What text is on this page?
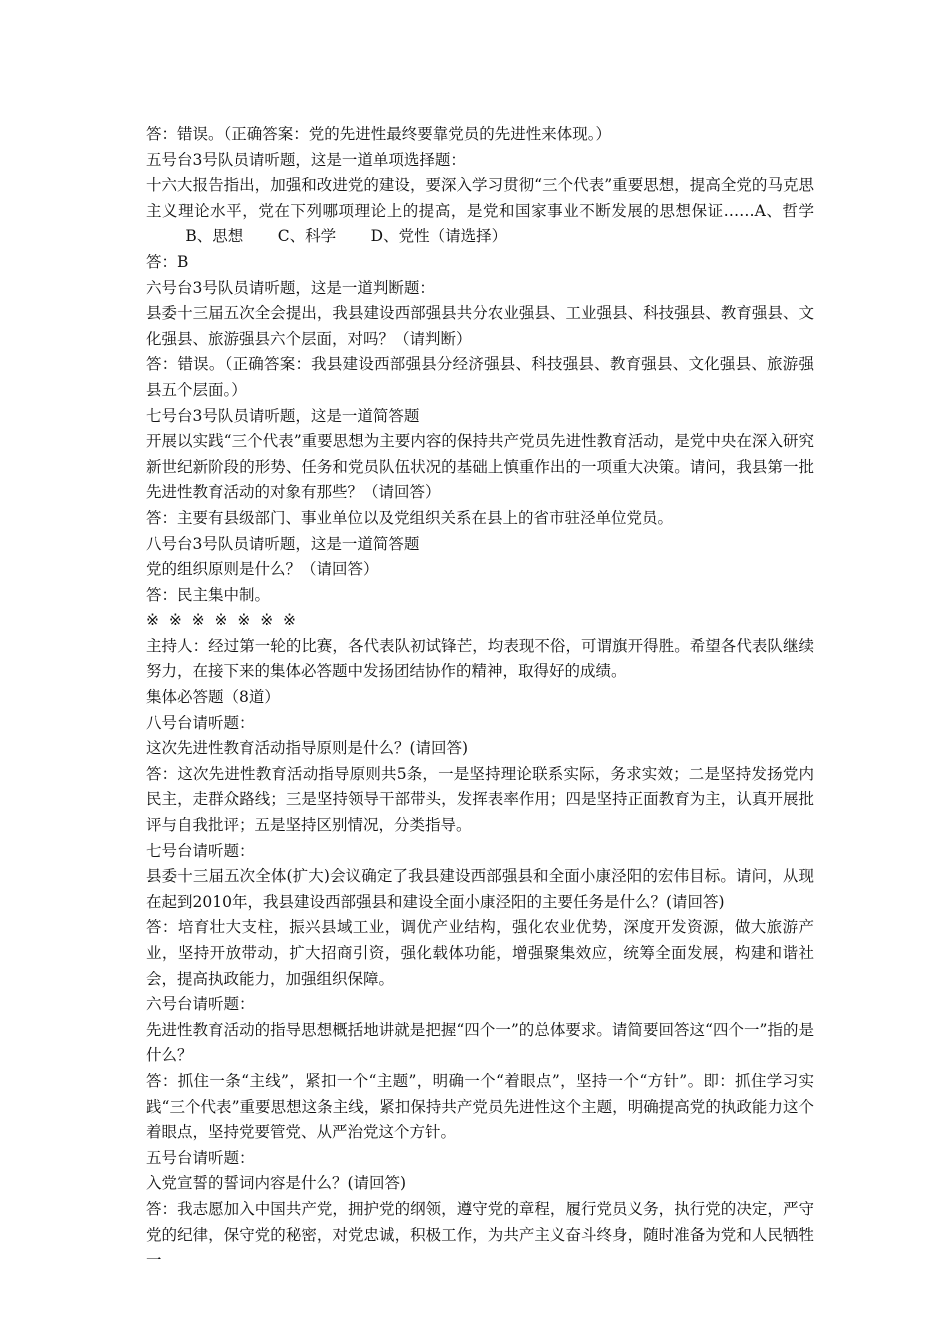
答：错误。（正确答案：党的先进性最终要靠党员的先进性来体现。）

五号台3号队员请听题，这是一道单项选择题：

十六大报告指出，加强和改进党的建设，要深入学习贯彻“三个代表”重要思想，提高全党的马克思主义理论水平，党在下列哪项理论上的提高，是党和国家事业不断发展的思想保证……A、哲学        B、思想       C、科学       D、党性（请选择）

答：B

六号台3号队员请听题，这是一道判断题：

县委十三届五次全会提出，我县建设西部强县共分农业强县、工业强县、科技强县、教育强县、文化强县、旅游强县六个层面，对吗？（请判断）

答：错误。（正确答案：我县建设西部强县分经济强县、科技强县、教育强县、文化强县、旅游强县五个层面。）

七号台3号队员请听题，这是一道简答题

开展以实践“三个代表”重要思想为主要内容的保持共产党员先进性教育活动，是党中央在深入研究新世纪新阶段的形势、任务和党员队伍状况的基础上慎重作出的一项重大决策。请问，我县第一批先进性教育活动的对象有那些？（请回答）

答：主要有县级部门、事业单位以及党组织关系在县上的省市驻泾单位党员。

八号台3号队员请听题，这是一道简答题

党的组织原则是什么？（请回答）

答：民主集中制。

※  ※  ※  ※  ※  ※  ※

主持人：经过第一轮的比赛，各代表队初试锋芒，均表现不俗，可谓旗开得胜。希望各代表队继续努力，在接下来的集体必答题中发扬团结协作的精神，取得好的成绩。

集体必答题（8道）

八号台请听题：

这次先进性教育活动指导原则是什么？(请回答)

答：这次先进性教育活动指导原则共5条，一是坚持理论联系实际，务求实效；二是坚持发扬党内民主，走群众路线；三是坚持领导干部带头，发挥表率作用；四是坚持正面教育为主，认真开展批评与自我批评；五是坚持区别情况，分类指导。

七号台请听题：

县委十三届五次全体(扩大)会议确定了我县建设西部强县和全面小康泾阳的宏伟目标。请问，从现在起到2010年，我县建设西部强县和建设全面小康泾阳的主要任务是什么？(请回答)

答：培育壮大支柱，振兴县域工业，调优产业结构，强化农业优势，深度开发资源，做大旅游产业，坚持开放带动，扩大招商引资，强化载体功能，增强聚集效应，统筹全面发展，构建和谐社会，提高执政能力，加强组织保障。

六号台请听题：

先进性教育活动的指导思想概括地讲就是把握“四个一”的总体要求。请简要回答这“四个一”指的是什么？

答：抓住一条“主线”，紧扣一个“主题”，明确一个“着眼点”，坚持一个“方针”。即：抓住学习实践“三个代表”重要思想这条主线，紧扣保持共产党员先进性这个主题，明确提高党的执政能力这个着眼点，坚持党要管党、从严治党这个方针。

五号台请听题：

入党宣誓的誓词内容是什么？(请回答)

答：我志愿加入中国共产党，拥护党的纲领，遵守党的章程，履行党员义务，执行党的决定，严守党的纪律，保守党的秘密，对党忠诚，积极工作，为共产主义奋斗终身，随时准备为党和人民牺牲一
